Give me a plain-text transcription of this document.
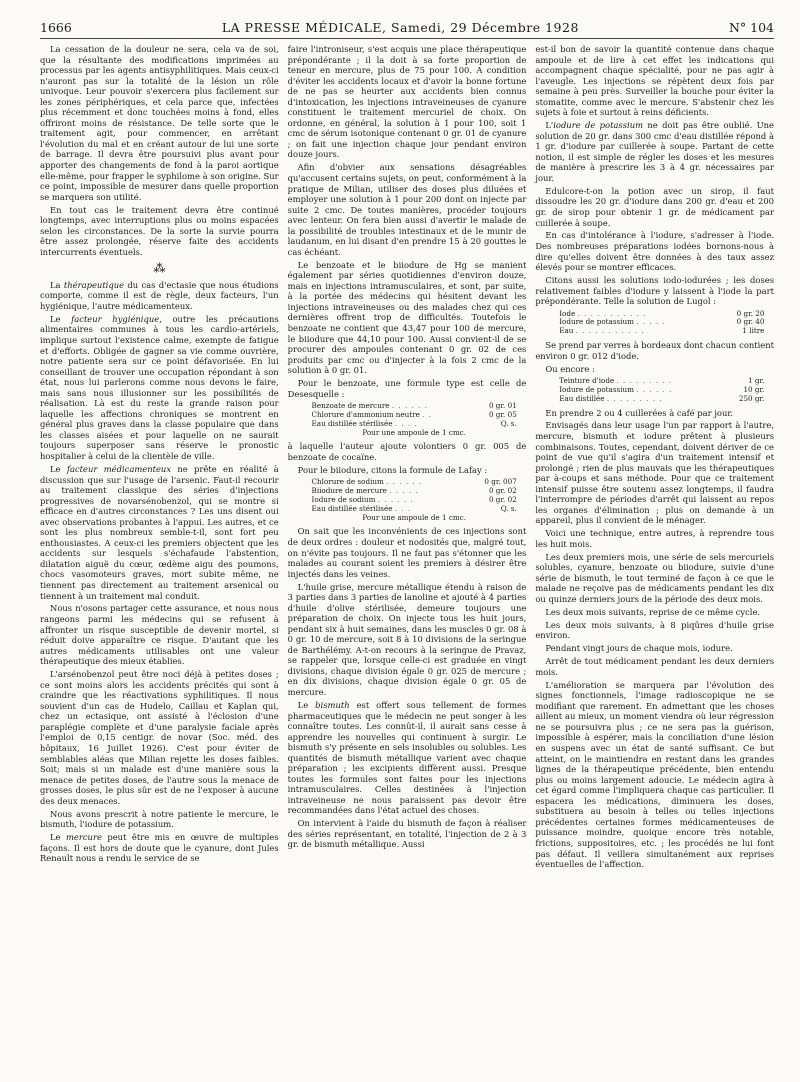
1666	LA PRESSE MÉDICALE, Samedi, 29 Décembre 1928	N° 104

La cessation de la douleur ne sera, cela va de soi, que la résultante des modifications imprimées au processus par les agents antisyphilitiques. Mais ceux-ci n'auront pas sur la totalité de la lésion un rôle univoque. Leur pouvoir s'exercera plus facilement sur les zones périphériques, et cela parce que, infectées plus récemment et donc touchées moins à fond, elles offriront moins de résistance. De telle sorte que le traitement agit, pour commencer, en arrêtant l'évolution du mal et en créant autour de lui une sorte de barrage. Il devra être poursuivi plus avant pour apporter des changements de fond à la paroi aortique elle-même, pour frapper le syphilome à son origine. Sur ce point, impossible de mesurer dans quelle proportion se marquera son utilité.

En tout cas le traitement devra être continué longtemps, avec interruptions plus ou moins espacées selon les circonstances. De la sorte la survie pourra être assez prolongée, réserve faite des accidents intercurrents éventuels.

⁂

La thérapeutique du cas d'ectasie que nous étudions comporte, comme il est de règle, deux facteurs, l'un hygiénique, l'autre médicamenteux.

Le facteur hygiénique, outre les précautions alimentaires communes à tous les cardio-artériels, implique surtout l'existence calme, exempte de fatigue et d'efforts. Obligée de gagner sa vie comme ouvrière, notre patiente sera sur ce point défavorisée. En lui conseillant de trouver une occupation répondant à son état, nous lui parlerons comme nous devons le faire, mais sans nous illusionner sur les possibilités de réalisation. Là est du reste la grande raison pour laquelle les affections chroniques se montrent en général plus graves dans la classe populaire que dans les classes aisées et pour laquelle on ne saurait toujours superposer sans réserve le pronostic hospitalier à celui de la clientèle de ville.

Le facteur médicamenteux ne prête en réalité à discussion que sur l'usage de l'arsenic. Faut-il recourir au traitement classique des séries d'injections progressives de novarsénobenzol, qui se montre si efficace en d'autres circonstances ? Les uns disent oui avec observations probantes à l'appui. Les autres, et ce sont les plus nombreux semble-t-il, sont fort peu enthousiastes. A ceux-ci les premiers objectent que les accidents sur lesquels s'échafaude l'abstention, dilatation aiguë du cœur, œdème aigu des poumons, chocs vasomoteurs graves, mort subite même, ne tiennent pas directement au traitement arsenical ou tiennent à un traitement mal conduit.

Nous n'osons partager cette assurance, et nous nous rangeons parmi les médecins qui se refusent à affronter un risque susceptible de devenir mortel, si réduit doive apparaître ce risque. D'autant que les autres médicaments utilisables ont une valeur thérapeutique des mieux établies.

L'arsénobenzol peut être noci déjà à petites doses ; ce sont moins alors les accidents précités qui sont à craindre que les réactivations syphilitiques. Il nous souvient d'un cas de Hudelo, Caillau et Kaplan qui, chez un ectasique, ont assisté à l'éclosion d'une paraplégie complète et d'une paralysie faciale après l'emploi de 0,15 centigr. de novar (Soc. méd. des hôpitaux, 16 Juillet 1926). C'est pour éviter de semblables aléas que Milian rejette les doses faibles. Soit; mais si un malade est d'une manière sous la menace de petites doses, de l'autre sous la menace de grosses doses, le plus sûr est de ne l'exposer à aucune des deux menaces.

Nous avons prescrit à notre patiente le mercure, le bismuth, l'iodure de potassium.

Le mercure peut être mis en œuvre de multiples façons. Il est hors de doute que le cyanure, dont Jules Renault nous a rendu le service de se

faire l'introniseur, s'est acquis une place thérapeutique prépondérante ; il la doit à sa forte proportion de teneur en mercure, plus de 75 pour 100. A condition d'éviter les accidents locaux et d'avoir la bonne fortune de ne pas se heurter aux accidents bien connus d'intoxication, les injections intraveineuses de cyanure constituent le traitement mercuriel de choix. On ordonne, en général, la solution à 1 pour 100, soit 1 cmc de sérum isotonique contenant 0 gr. 01 de cyanure ; on fait une injection chaque jour pendant environ douze jours.

Afin d'obvier aux sensations désagréables qu'accusent certains sujets, on peut, conformément à la pratique de Milian, utiliser des doses plus diluées et employer une solution à 1 pour 200 dont on injecte par suite 2 cmc. De toutes manières, procéder toujours avec lenteur. On fera bien aussi d'avertir le malade de la possibilité de troubles intestinaux et de le munir de laudanum, en lui disant d'en prendre 15 à 20 gouttes le cas échéant.

Le benzoate et le biiodure de Hg se manient également par séries quotidiennes d'environ douze, mais en injections intramusculaires, et sont, par suite, à la portée des médecins qui hésitent devant les injections intraveineuses ou des malades chez qui ces dernières offrent trop de difficultés. Toutefois le benzoate ne contient que 43,47 pour 100 de mercure, le biiodure que 44,10 pour 100. Aussi convient-il de se procurer des ampoules contenant 0 gr. 02 de ces produits par cmc ou d'injecter à la fois 2 cmc de la solution à 0 gr. 01.

Pour le benzoate, une formule type est celle de Desesquelle :

Benzoate de mercure . . . . . .	0 gr. 01
Chlorure d'ammonium neutre . .	0 gr. 05
Eau distillée stérilisée . . . .	Q. s.
Pour une ampoule de 1 cmc.	

à laquelle l'auteur ajoute volontiers 0 gr. 005 de benzoate de cocaïne.

Pour le biiodure, citons la formule de Lafay :

Chlorure de sodium . . . . . .	0 gr. 007
Biiodure de mercure . . . . .	0 gr. 02
Iodure de sodium . . . . . .	0 gr. 02
Eau distillée stérilisée . . .	Q. s.
Pour une ampoule de 1 cmc.	

On sait que les inconvénients de ces injections sont de deux ordres : douleur et nodosités que, malgré tout, on n'évite pas toujours. Il ne faut pas s'étonner que les malades au courant soient les premiers à désirer être injectés dans les veines.

L'huile grise, mercure métallique étendu à raison de 3 parties dans 3 parties de lanoline et ajouté à 4 parties d'huile d'olive stérilisée, demeure toujours une préparation de choix. On injecte tous les huit jours, pendant six à huit semaines, dans les muscles 0 gr. 08 à 0 gr. 10 de mercure, soit 8 à 10 divisions de la seringue de Barthélémy. A-t-on recours à la seringue de Pravaz, se rappeler que, lorsque celle-ci est graduée en vingt divisions, chaque division égale 0 gr. 025 de mercure ; en dix divisions, chaque division égale 0 gr. 05 de mercure.

Le bismuth est offert sous tellement de formes pharmaceutiques que le médecin ne peut songer à les connaître toutes. Les connût-il, il aurait sans cesse à apprendre les nouvelles qui continuent à surgir. Le bismuth s'y présente en sels insolubles ou solubles. Les quantités de bismuth métallique varient avec chaque préparation ; les excipients diffèrent aussi. Presque toutes les formules sont faites pour les injections intramusculaires. Celles destinées à l'injection intraveineuse ne nous paraissent pas devoir être recommandées dans l'état actuel des choses.

On intervient à l'aide du bismuth de façon à réaliser des séries représentant, en totalité, l'injection de 2 à 3 gr. de bismuth métallique. Aussi

est-il bon de savoir la quantité contenue dans chaque ampoule et de lire à cet effet les indications qui accompagnent chaque spécialité, pour ne pas agir à l'aveugle. Les injections se répètent deux fois par semaine à peu près. Surveiller la bouche pour éviter la stomatite, comme avec le mercure. S'abstenir chez les sujets à foie et surtout à reins déficients.

L'iodure de potassium ne doit pas être oublié. Une solution de 20 gr. dans 300 cmc d'eau distillée répond à 1 gr. d'iodure par cuillerée à soupe. Partant de cette notion, il est simple de régler les doses et les mesures de manière à prescrire les 3 à 4 gr. nécessaires par jour.

Edulcore-t-on la potion avec un sirop, il faut dissoudre les 20 gr. d'iodure dans 200 gr. d'eau et 200 gr. de sirop pour obtenir 1 gr. de médicament par cuillerée à soupe.

En cas d'intolérance à l'iodure, s'adresser à l'iode. Des nombreuses préparations iodées bornons-nous à dire qu'elles doivent être données à des taux assez élevés pour se montrer efficaces.

Citons aussi les solutions iodo-iodurées ; les doses relativement faibles d'iodure y laissent à l'iode la part prépondérante. Telle la solution de Lugol :

Iode . . . . . . . . . . .	0 gr. 20
Iodure de potassium . . . . .	0 gr. 40
Eau . . . . . . . . . . .	1 litre

Se prend par verres à bordeaux dont chacun contient environ 0 gr. 012 d'iode.

Ou encore :

Teinture d'iode . . . . . . . . .	1 gr.
Iodure de potassium . . . . . .	10 gr.
Eau distillée . . . . . . . . .	250 gr.

En prendre 2 ou 4 cuillerées à café par jour.

Envisagés dans leur usage l'un par rapport à l'autre, mercure, bismuth et iodure prêtent à plusieurs combinaisons. Toutes, cependant, doivent dériver de ce point de vue qu'il s'agira d'un traitement intensif et prolongé ; rien de plus mauvais que les thérapeutiques par à-coups et sans méthode. Pour que ce traitement intensif puisse être soutenu assez longtemps, il faudra l'interrompre de périodes d'arrêt qui laissent au repos les organes d'élimination ; plus on demande à un appareil, plus il convient de le ménager.

Voici une technique, entre autres, à reprendre tous les huit mois.

Les deux premiers mois, une série de sels mercuriels solubles, cyanure, benzoate ou biiodure, suivie d'une série de bismuth, le tout terminé de façon à ce que le malade ne reçoive pas de médicaments pendant les dix ou quinze derniers jours de la période des deux mois.

Les deux mois suivants, reprise de ce même cycle.

Les deux mois suivants, à 8 piqûres d'huile grise environ.

Pendant vingt jours de chaque mois, iodure.

Arrêt de tout médicament pendant les deux derniers mois.

L'amélioration se marquera par l'évolution des signes fonctionnels, l'image radioscopique ne se modifiant que rarement. En admettant que les choses aillent au mieux, un moment viendra où leur régression ne se poursuivra plus ; ce ne sera pas la guérison, impossible à espérer, mais la conciliation d'une lésion en suspens avec un état de santé suffisant. Ce but atteint, on le maintiendra en restant dans les grandes lignes de la thérapeutique précédente, bien entendu plus ou moins largement adoucie. Le médecin agira à cet égard comme l'impliquera chaque cas particulier. Il espacera les médications, diminuera les doses, substituera au besoin à telles ou telles injections précédentes certaines formes médicamenteuses de puissance moindre, quoique encore très notable, frictions, suppositoires, etc. ; les procédés ne lui font pas défaut. Il veillera simultanément aux reprises éventuelles de l'affection.
